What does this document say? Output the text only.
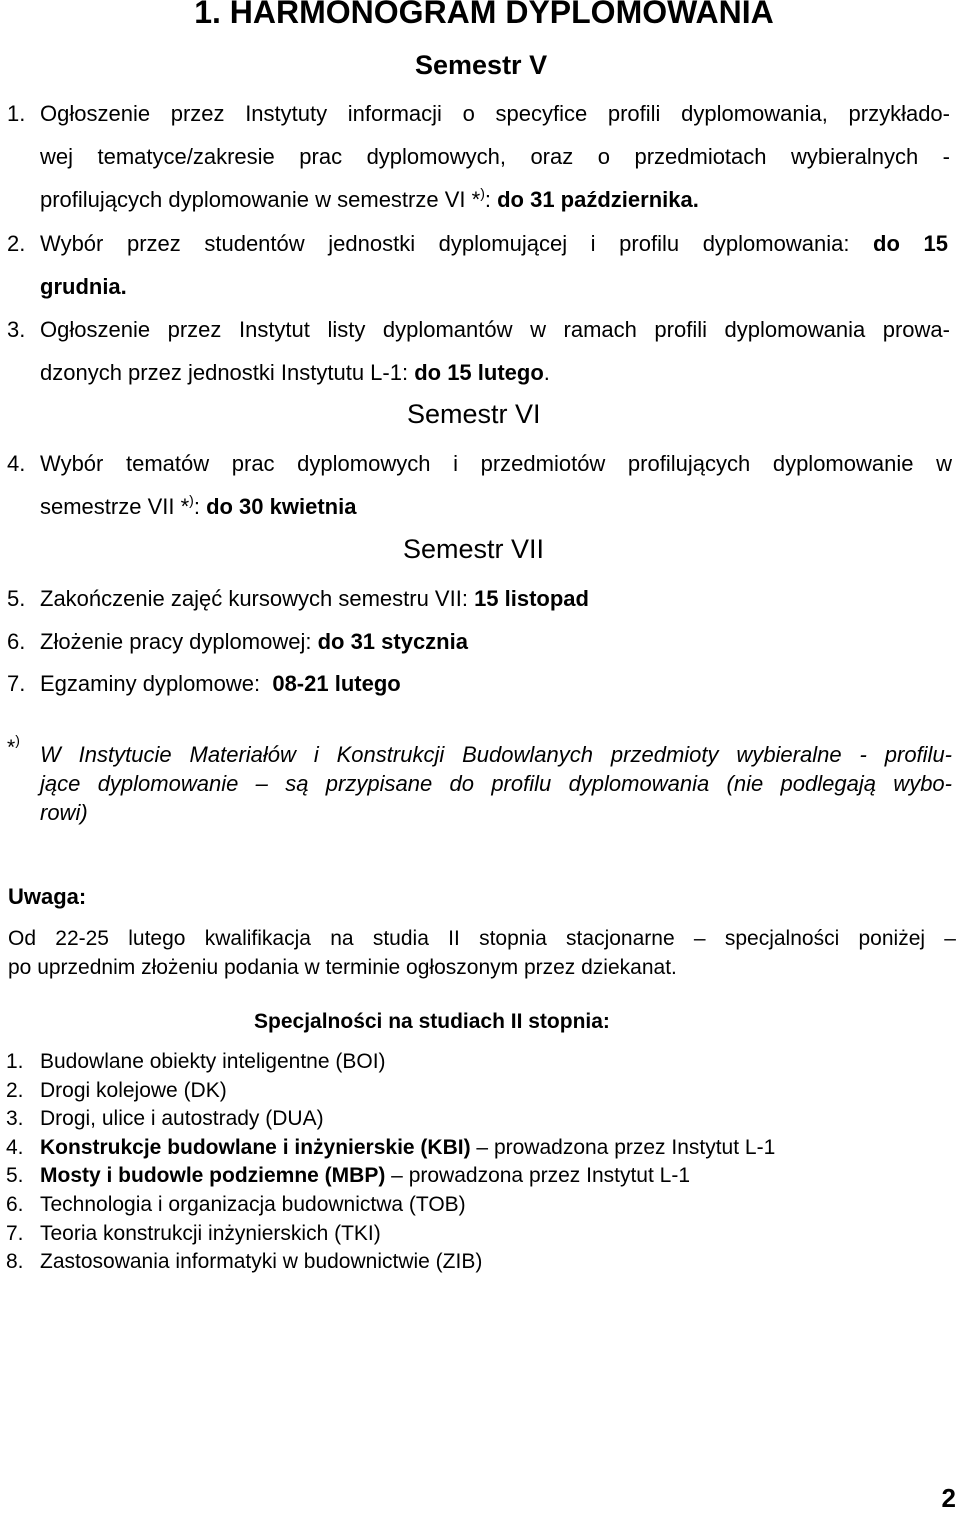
1. HARMONOGRAM DYPLOMOWANIA
Semestr V
1. Ogłoszenie przez Instytuty informacji o specyfice profili dyplomowania, przykłado-
wej tematyce/zakresie prac dyplomowych, oraz o przedmiotach wybieralnych -
profilujących dyplomowanie w semestrze VI *): do 31 października.
2. Wybór przez studentów jednostki dyplomującej i profilu dyplomowania: do 15
grudnia.
3. Ogłoszenie przez Instytut listy dyplomantów w ramach profili dyplomowania prowa-
dzonych przez jednostki Instytutu L-1: do 15 lutego.
Semestr VI
4. Wybór tematów prac dyplomowych i przedmiotów profilujących dyplomowanie w
semestrze VII *): do 30 kwietnia
Semestr VII
5. Zakończenie zajęć kursowych semestru VII: 15 listopad
6. Złożenie pracy dyplomowej: do 31 stycznia
7. Egzaminy dyplomowe:  08-21 lutego
*)
W Instytucie Materiałów i Konstrukcji Budowlanych przedmioty wybieralne - profilu-
jące dyplomowanie – są przypisane do profilu dyplomowania (nie podlegają wybo-
rowi)
Uwaga:
Od 22-25 lutego kwalifikacja na studia II stopnia stacjonarne – specjalności poniżej –
po uprzednim złożeniu podania w terminie ogłoszonym przez dziekanat.
Specjalności na studiach II stopnia:
1. Budowlane obiekty inteligentne (BOI)
2. Drogi kolejowe (DK)
3. Drogi, ulice i autostrady (DUA)
4. Konstrukcje budowlane i inżynierskie (KBI) – prowadzona przez Instytut L-1
5. Mosty i budowle podziemne (MBP) – prowadzona przez Instytut L-1
6. Technologia i organizacja budownictwa (TOB)
7. Teoria konstrukcji inżynierskich (TKI)
8. Zastosowania informatyki w budownictwie (ZIB)
2
